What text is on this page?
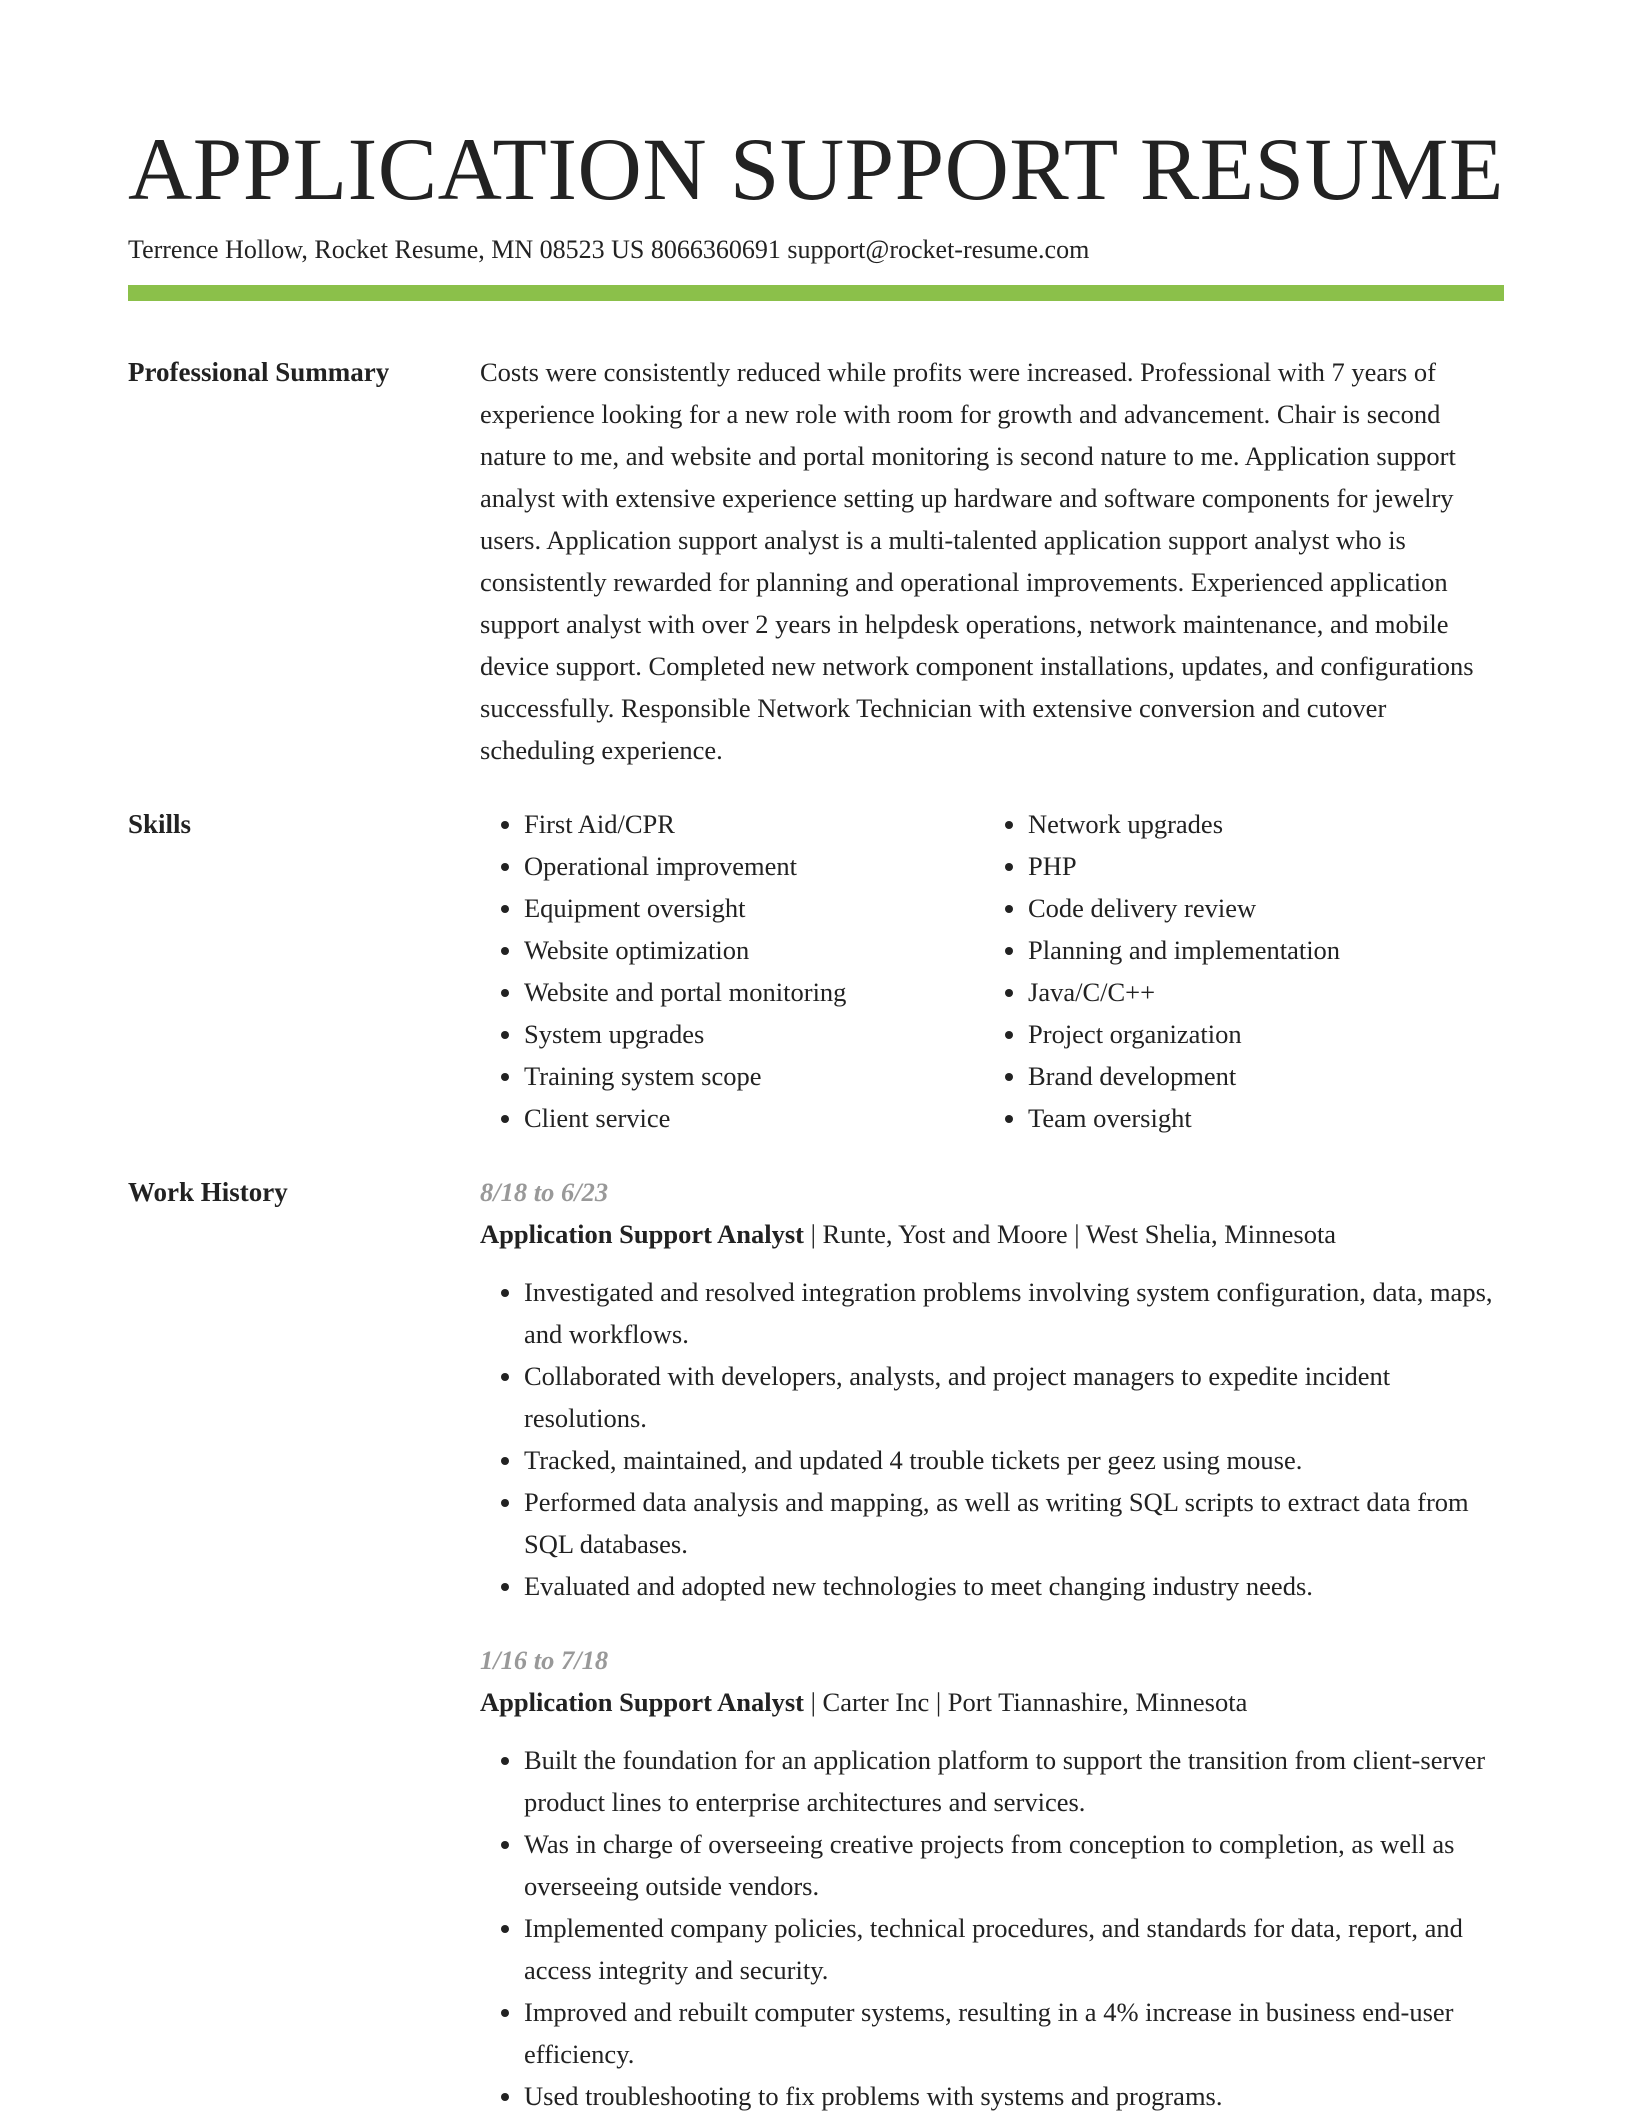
APPLICATION SUPPORT RESUME
Terrence Hollow, Rocket Resume, MN 08523 US 8066360691 support@rocket-resume.com
Professional Summary	Costs were consistently reduced while profits were increased. Professional with 7 years of experience looking for a new role with room for growth and advancement. Chair is second nature to me, and website and portal monitoring is second nature to me. Application support analyst with extensive experience setting up hardware and software components for jewelry users. Application support analyst is a multi-talented application support analyst who is consistently rewarded for planning and operational improvements. Experienced application support analyst with over 2 years in helpdesk operations, network maintenance, and mobile device support. Completed new network component installations, updates, and configurations successfully. Responsible Network Technician with extensive conversion and cutover scheduling experience.

Skills
•	First Aid/CPR
• Operational improvement
• Equipment oversight
• Website optimization
• Website and portal monitoring
• System upgrades
• Training system scope
• Client service
• Network upgrades
• PHP
• Code delivery review
• Planning and implementation
• Java/C/C++
• Project organization
• Brand development
• Team oversight
Work History	8/18 to 6/23
Application Support Analyst | Runte, Yost and Moore | West Shelia, Minnesota
• Investigated and resolved integration problems involving system configuration, data, maps, and workflows.
• Collaborated with developers, analysts, and project managers to expedite incident resolutions.
• Tracked, maintained, and updated 4 trouble tickets per geez using mouse.
• Performed data analysis and mapping, as well as writing SQL scripts to extract data from SQL databases.
• Evaluated and adopted new technologies to meet changing industry needs.
1/16 to 7/18
Application Support Analyst | Carter Inc | Port Tiannashire, Minnesota
• Built the foundation for an application platform to support the transition from client-server product lines to enterprise architectures and services.
• Was in charge of overseeing creative projects from conception to completion, as well as overseeing outside vendors.
• Implemented company policies, technical procedures, and standards for data, report, and access integrity and security.
• Improved and rebuilt computer systems, resulting in a 4% increase in business end-user efficiency.
• Used troubleshooting to fix problems with systems and programs.
